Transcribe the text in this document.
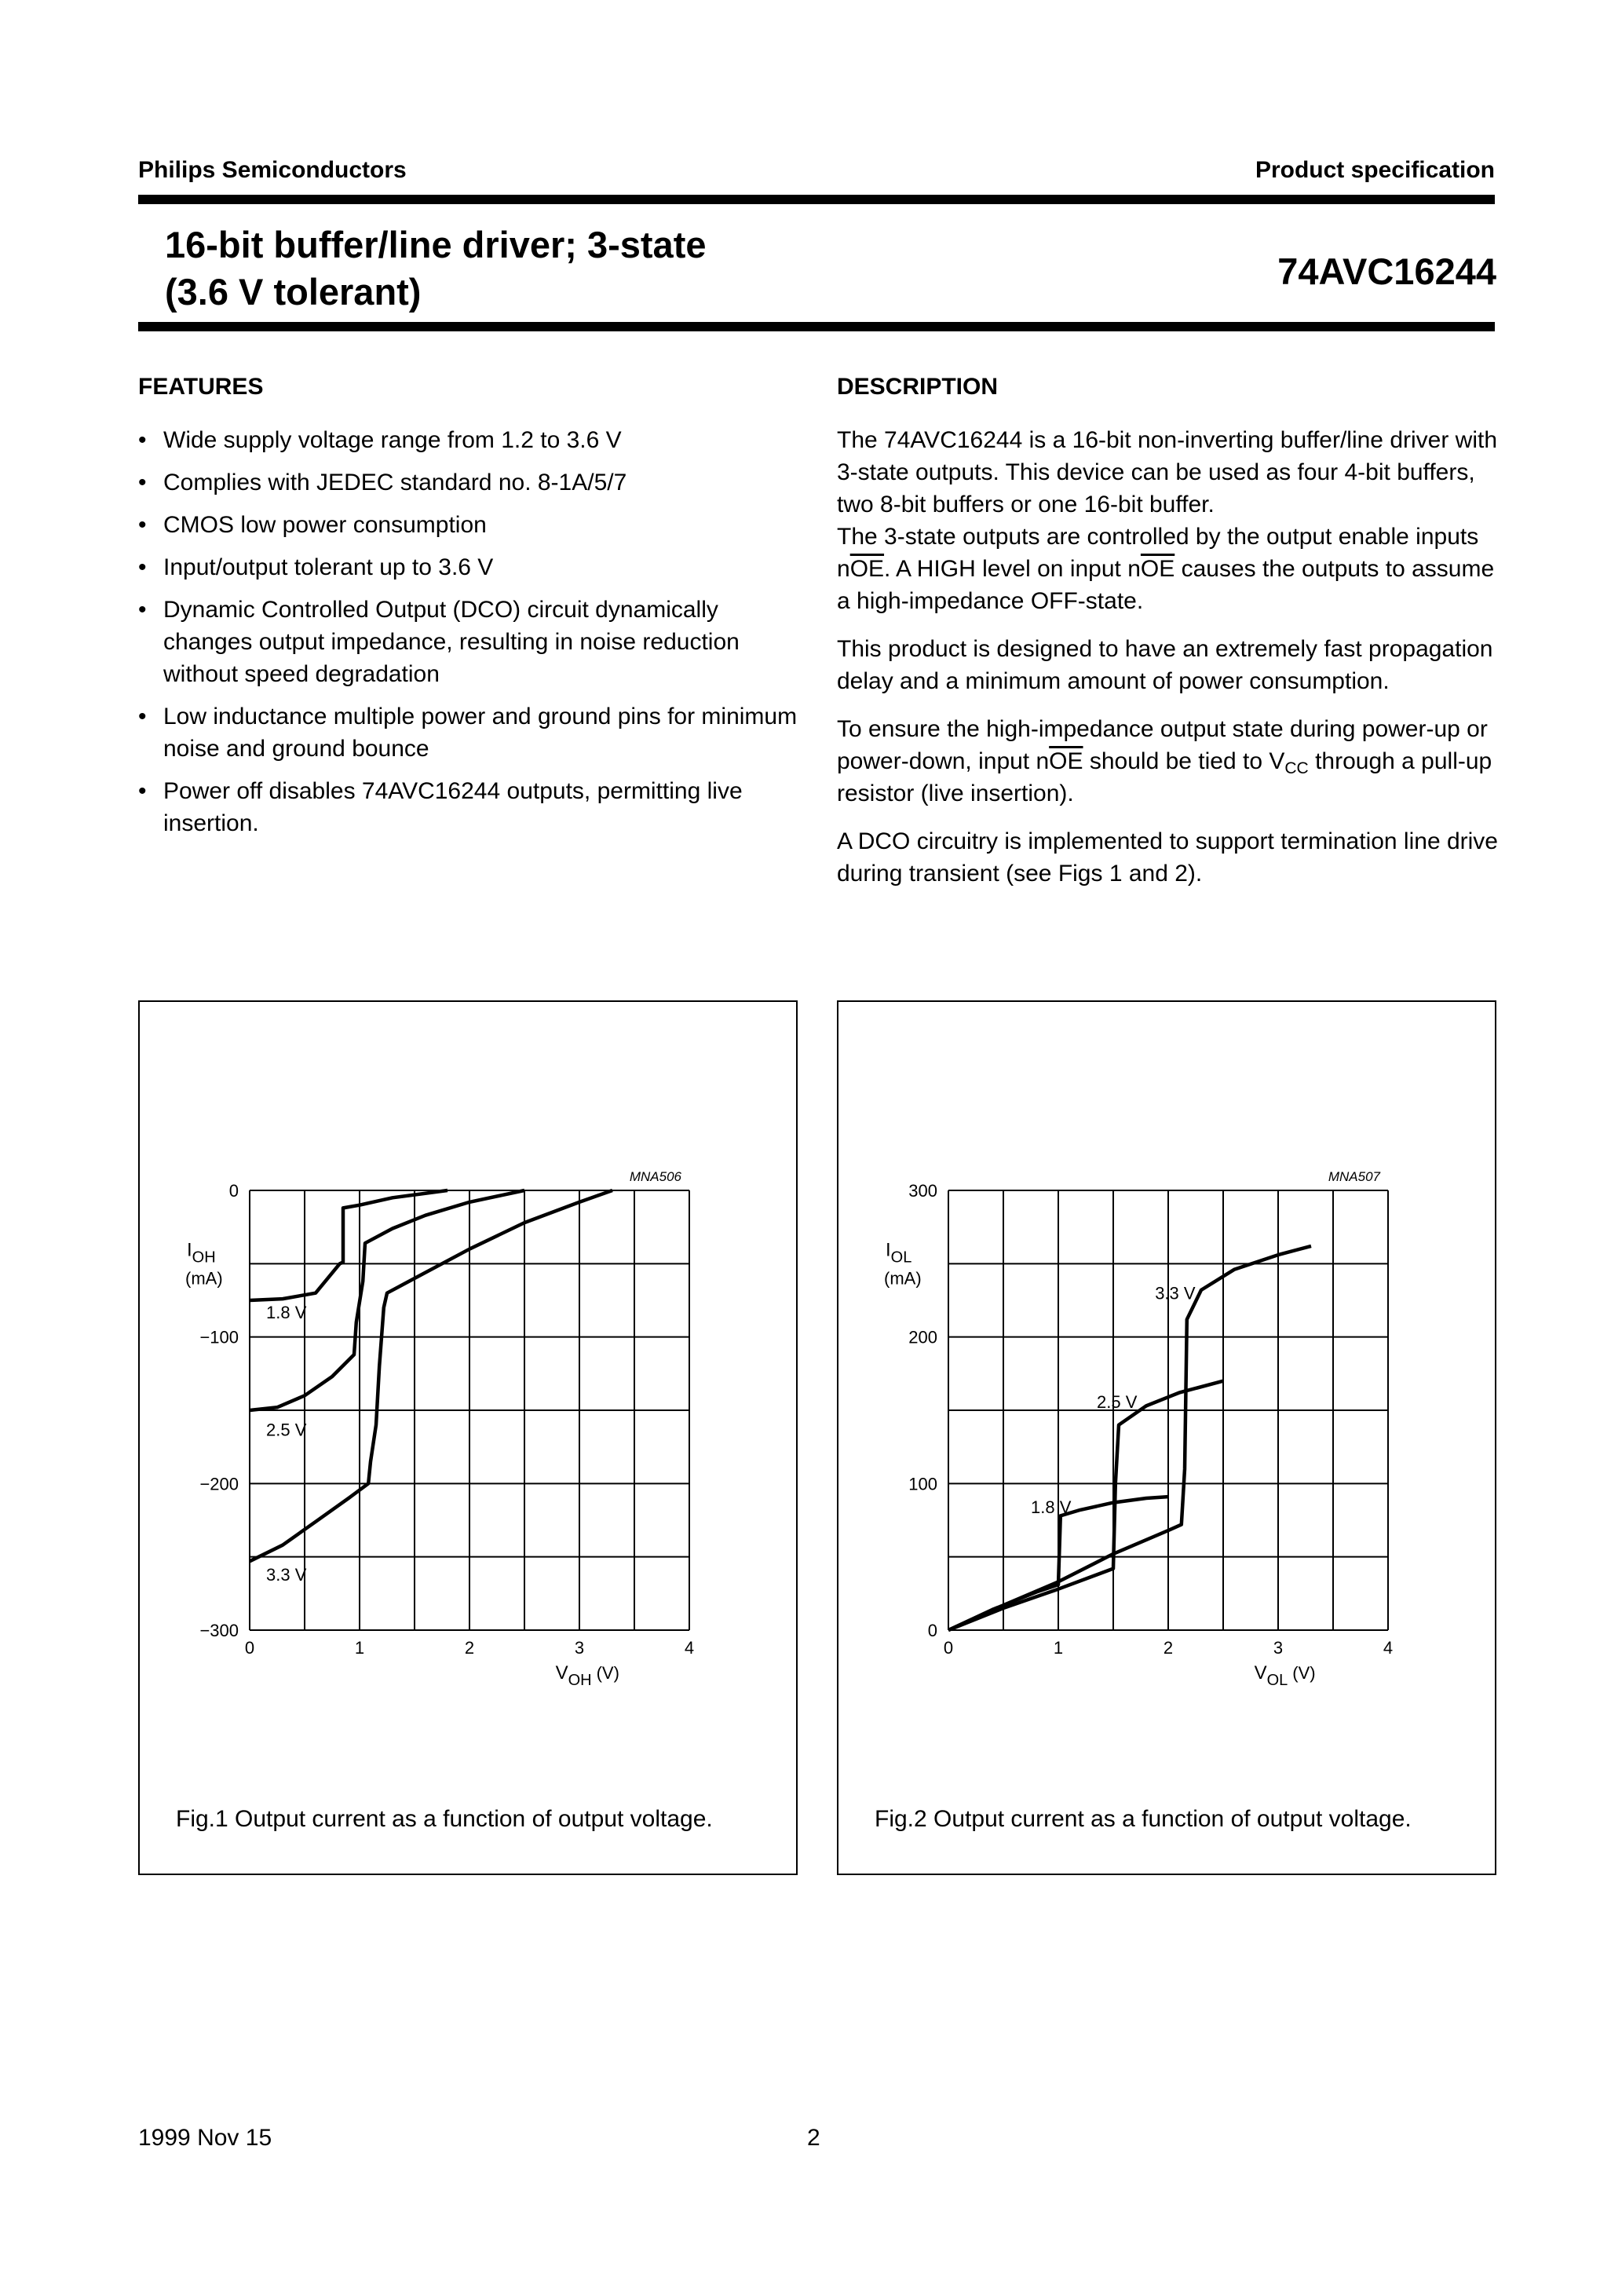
Philips Semiconductors	Product specification
16-bit buffer/line driver; 3-state
(3.6 V tolerant)	74AVC16244
FEATURES
• Wide supply voltage range from 1.2 to 3.6 V
• Complies with JEDEC standard no. 8-1A/5/7
• CMOS low power consumption
• Input/output tolerant up to 3.6 V
• Dynamic Controlled Output (DCO) circuit dynamically changes output impedance, resulting in noise reduction without speed degradation
• Low inductance multiple power and ground pins for minimum noise and ground bounce
• Power off disables 74AVC16244 outputs, permitting live insertion.
DESCRIPTION

The 74AVC16244 is a 16-bit non-inverting buffer/line driver with 3-state outputs. This device can be used as four 4-bit buffers, two 8-bit buffers or one 16-bit buffer.
The 3-state outputs are controlled by the output enable inputs $n\overline{OE}$. A HIGH level on input $n\overline{OE}$ causes the outputs to assume a high-impedance OFF-state.

This product is designed to have an extremely fast propagation delay and a minimum amount of power consumption.

To ensure the high-impedance output state during power-up or power-down, input $n\overline{OE}$ should be tied to $V_{CC}$ through a pull-up resistor (live insertion).

A DCO circuitry is implemented to support termination line drive during transient (see Figs 1 and 2).

MNA506
0	1	2	3	4
0
−100
−200
−300
$I_{OH}$
(mA)
$V_{OH}$ (V)
1.8 V
2.5 V
3.3 V
Fig.1 Output current as a function of output voltage.
MNA507
0	1	2	3	4
0
100
200
300
$I_{OL}$
(mA)
$V_{OL}$ (V)
1.8 V
2.5 V
3.3 V
Fig.2 Output current as a function of output voltage.
1999 Nov 15	2
